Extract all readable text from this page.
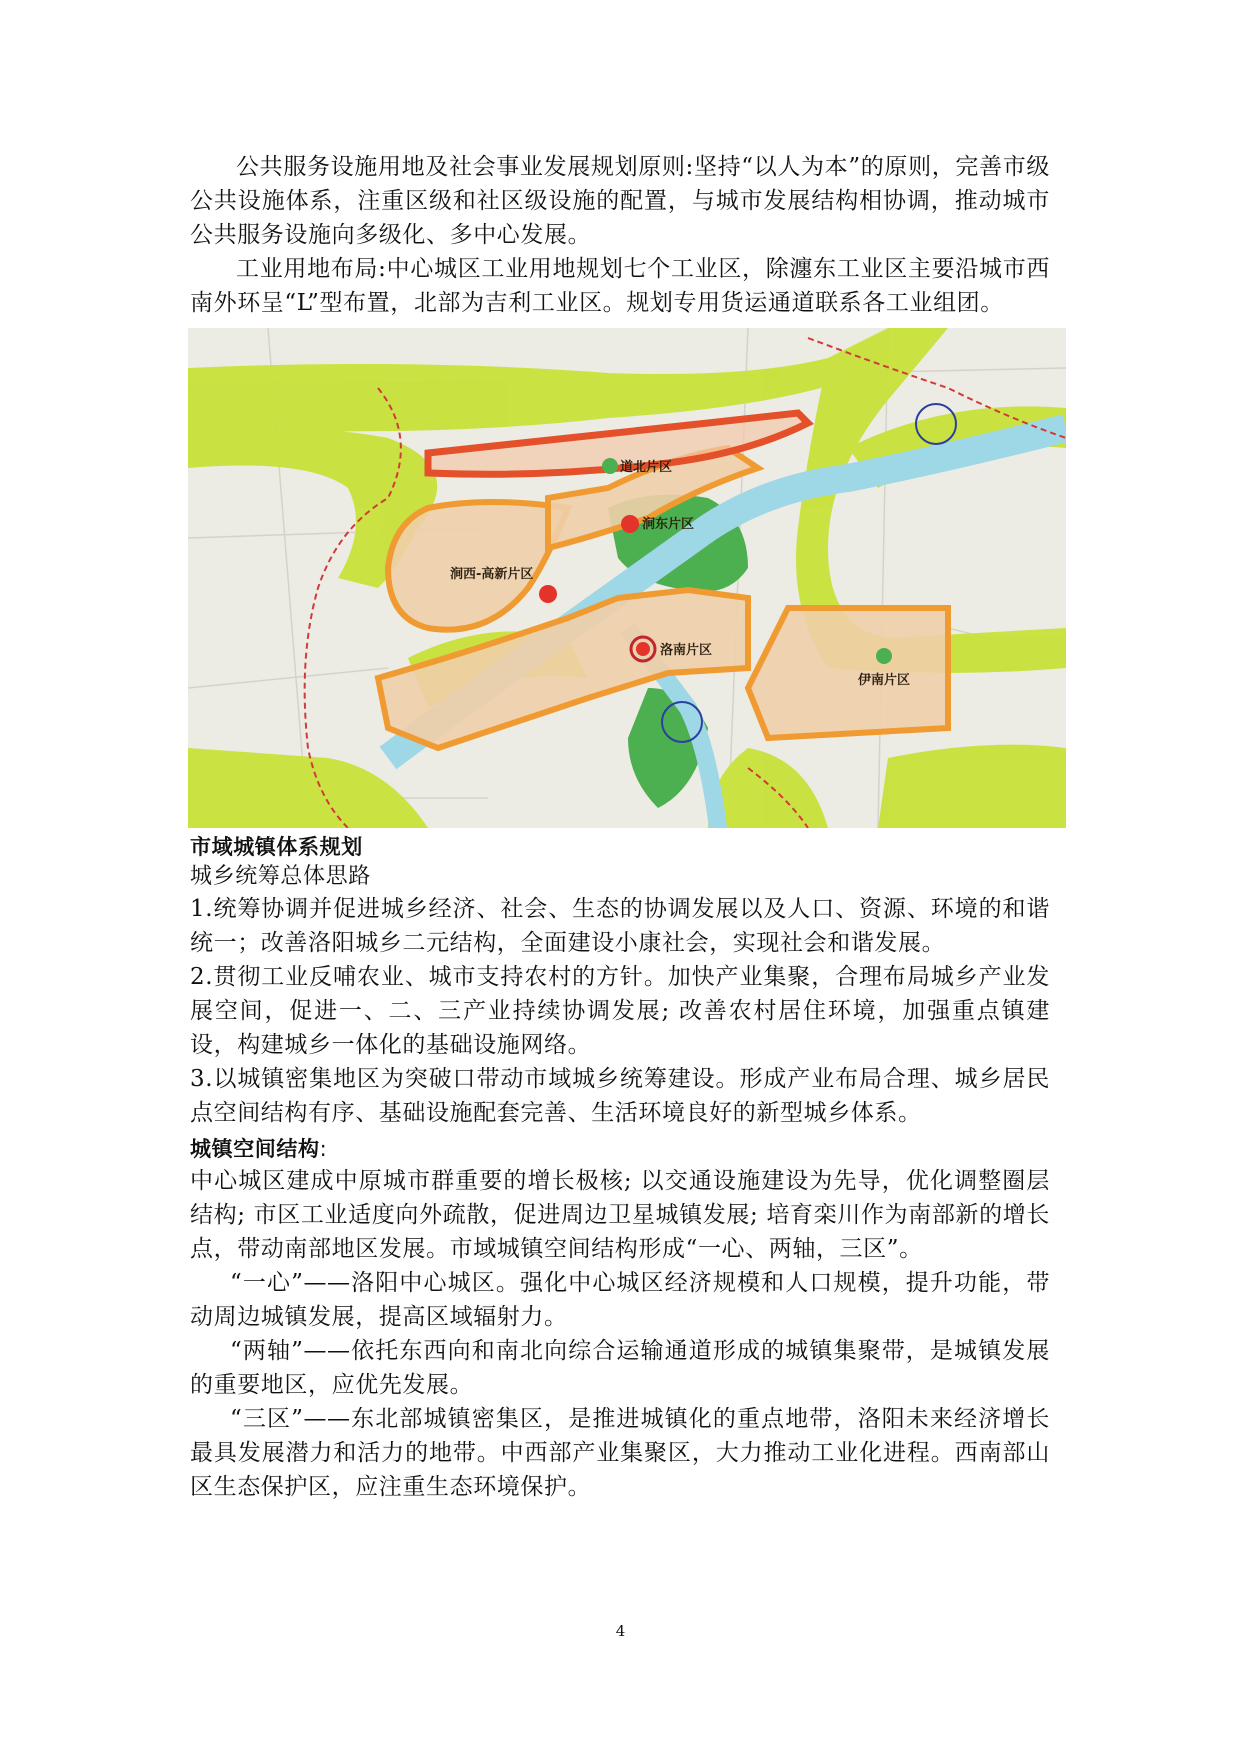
公共服务设施用地及社会事业发展规划原则:坚持“以人为本”的原则，完善市级公共设施体系，注重区级和社区级设施的配置，与城市发展结构相协调，推动城市公共服务设施向多级化、多中心发展。

工业用地布局:中心城区工业用地规划七个工业区，除瀍东工业区主要沿城市西南外环呈“L”型布置，北部为吉利工业区。规划专用货运通道联系各工业组团。

道北片区
涧东片区
涧西-高新片区
洛南片区
伊南片区

市域城镇体系规划

城乡统筹总体思路

1.统筹协调并促进城乡经济、社会、生态的协调发展以及人口、资源、环境的和谐统一；改善洛阳城乡二元结构，全面建设小康社会，实现社会和谐发展。

2.贯彻工业反哺农业、城市支持农村的方针。加快产业集聚，合理布局城乡产业发展空间，促进一、二、三产业持续协调发展; 改善农村居住环境，加强重点镇建设，构建城乡一体化的基础设施网络。

3.以城镇密集地区为突破口带动市域城乡统筹建设。形成产业布局合理、城乡居民点空间结构有序、基础设施配套完善、生活环境良好的新型城乡体系。

城镇空间结构:

中心城区建成中原城市群重要的增长极核; 以交通设施建设为先导，优化调整圈层结构; 市区工业适度向外疏散，促进周边卫星城镇发展; 培育栾川作为南部新的增长点，带动南部地区发展。市域城镇空间结构形成“一心、两轴，三区”。

“一心”——洛阳中心城区。强化中心城区经济规模和人口规模，提升功能，带动周边城镇发展，提高区域辐射力。

“两轴”——依托东西向和南北向综合运输通道形成的城镇集聚带，是城镇发展的重要地区，应优先发展。

“三区”——东北部城镇密集区，是推进城镇化的重点地带，洛阳未来经济增长最具发展潜力和活力的地带。中西部产业集聚区，大力推动工业化进程。西南部山区生态保护区，应注重生态环境保护。

4
